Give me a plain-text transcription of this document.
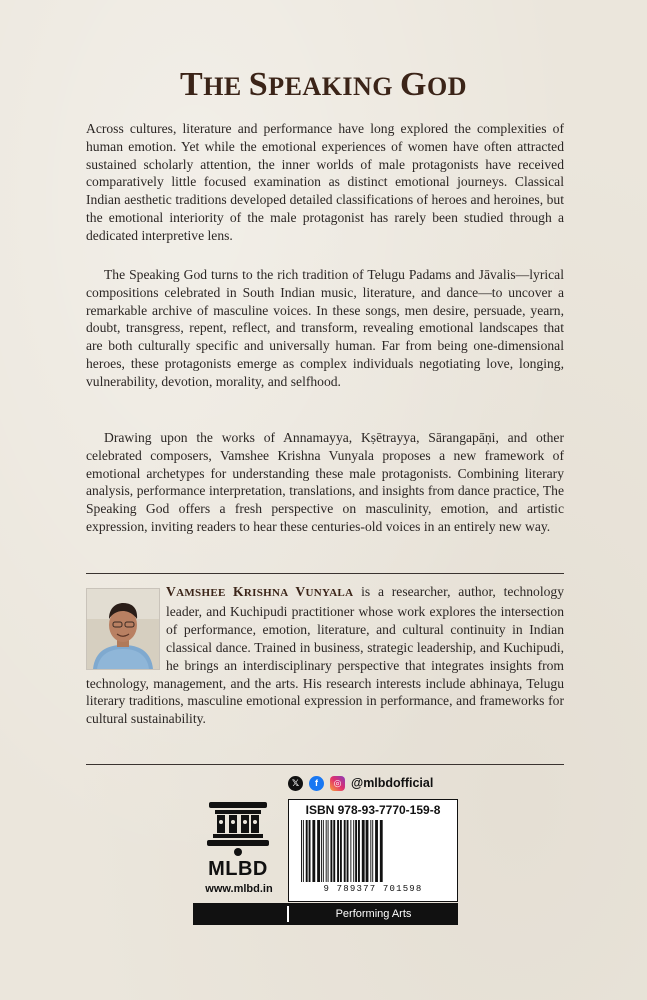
THE SPEAKING GOD

Across cultures, literature and performance have long explored the complexities of human emotion. Yet while the emotional experiences of women have often attracted sustained scholarly attention, the inner worlds of male protagonists have received comparatively little focused examination as distinct emotional journeys. Classical Indian aesthetic traditions developed detailed classifications of heroes and heroines, but the emotional interiority of the male protagonist has rarely been studied through a dedicated interpretive lens.

The Speaking God turns to the rich tradition of Telugu Padams and Jāvalis—lyrical compositions celebrated in South Indian music, literature, and dance—to uncover a remarkable archive of masculine voices. In these songs, men desire, persuade, yearn, doubt, transgress, repent, reflect, and transform, revealing emotional landscapes that are both culturally specific and universally human. Far from being one-dimensional heroes, these protagonists emerge as complex individuals negotiating love, longing, vulnerability, devotion, morality, and selfhood.

Drawing upon the works of Annamayya, Kṣētrayya, Sārangapāṇi, and other celebrated composers, Vamshee Krishna Vunyala proposes a new framework of emotional archetypes for understanding these male protagonists. Combining literary analysis, performance interpretation, translations, and insights from dance practice, The Speaking God offers a fresh perspective on masculinity, emotion, and artistic expression, inviting readers to hear these centuries-old voices in an entirely new way.

VAMSHEE KRISHNA VUNYALA is a researcher, author, technology leader, and Kuchipudi practitioner whose work explores the intersection of performance, emotion, literature, and cultural continuity in Indian classical dance. Trained in business, strategic leadership, and Kuchipudi, he brings an interdisciplinary perspective that integrates insights from technology, management, and the arts. His research interests include abhinaya, Telugu literary traditions, masculine emotional expression in performance, and frameworks for cultural sustainability.
𝕏	f	◎ @mlbdofficial
MLBD
www.mlbd.in
ISBN 978-93-7770-159-8
9 789377 701598
Performing Arts
